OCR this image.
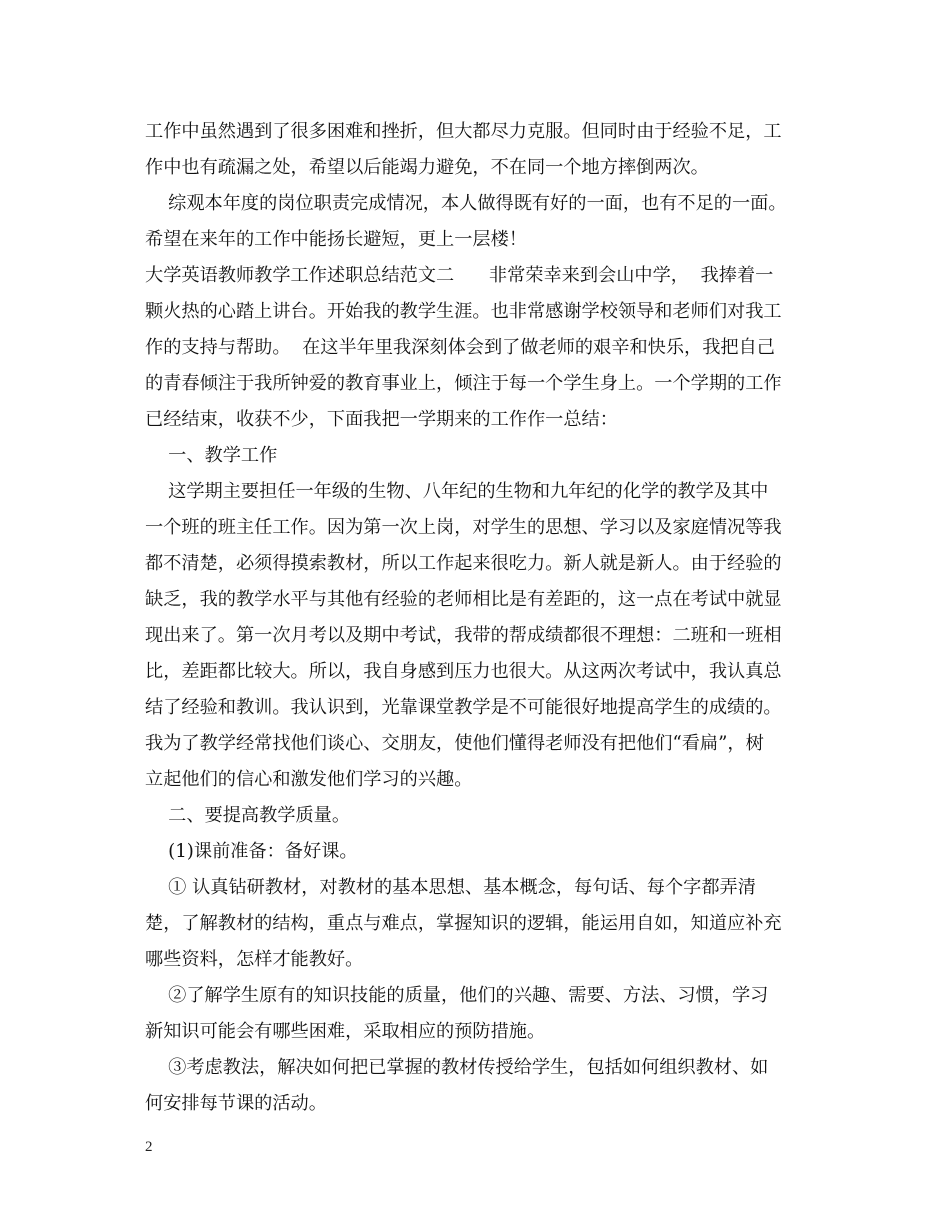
工作中虽然遇到了很多困难和挫折，但大都尽力克服。但同时由于经验不足，工
作中也有疏漏之处，希望以后能竭力避免，不在同一个地方摔倒两次。
综观本年度的岗位职责完成情况，本人做得既有好的一面，也有不足的一面。
希望在来年的工作中能扬长避短，更上一层楼！
大学英语教师教学工作述职总结范文二      非常荣幸来到会山中学，  我捧着一
颗火热的心踏上讲台。开始我的教学生涯。也非常感谢学校领导和老师们对我工
作的支持与帮助。  在这半年里我深刻体会到了做老师的艰辛和快乐，我把自己
的青春倾注于我所钟爱的教育事业上，倾注于每一个学生身上。一个学期的工作
已经结束，收获不少，下面我把一学期来的工作作一总结：
一、教学工作
这学期主要担任一年级的生物、八年纪的生物和九年纪的化学的教学及其中
一个班的班主任工作。因为第一次上岗，对学生的思想、学习以及家庭情况等我
都不清楚，必须得摸索教材，所以工作起来很吃力。新人就是新人。由于经验的
缺乏，我的教学水平与其他有经验的老师相比是有差距的，这一点在考试中就显
现出来了。第一次月考以及期中考试，我带的帮成绩都很不理想：二班和一班相
比，差距都比较大。所以，我自身感到压力也很大。从这两次考试中，我认真总
结了经验和教训。我认识到，光靠课堂教学是不可能很好地提高学生的成绩的。
我为了教学经常找他们谈心、交朋友，使他们懂得老师没有把他们“看扁”，树
立起他们的信心和激发他们学习的兴趣。
二、要提高教学质量。
(1)课前准备：备好课。
① 认真钻研教材，对教材的基本思想、基本概念，每句话、每个字都弄清
楚，了解教材的结构，重点与难点，掌握知识的逻辑，能运用自如，知道应补充
哪些资料，怎样才能教好。
②了解学生原有的知识技能的质量，他们的兴趣、需要、方法、习惯，学习
新知识可能会有哪些困难，采取相应的预防措施。
③考虑教法，解决如何把已掌握的教材传授给学生，包括如何组织教材、如
何安排每节课的活动。
2
